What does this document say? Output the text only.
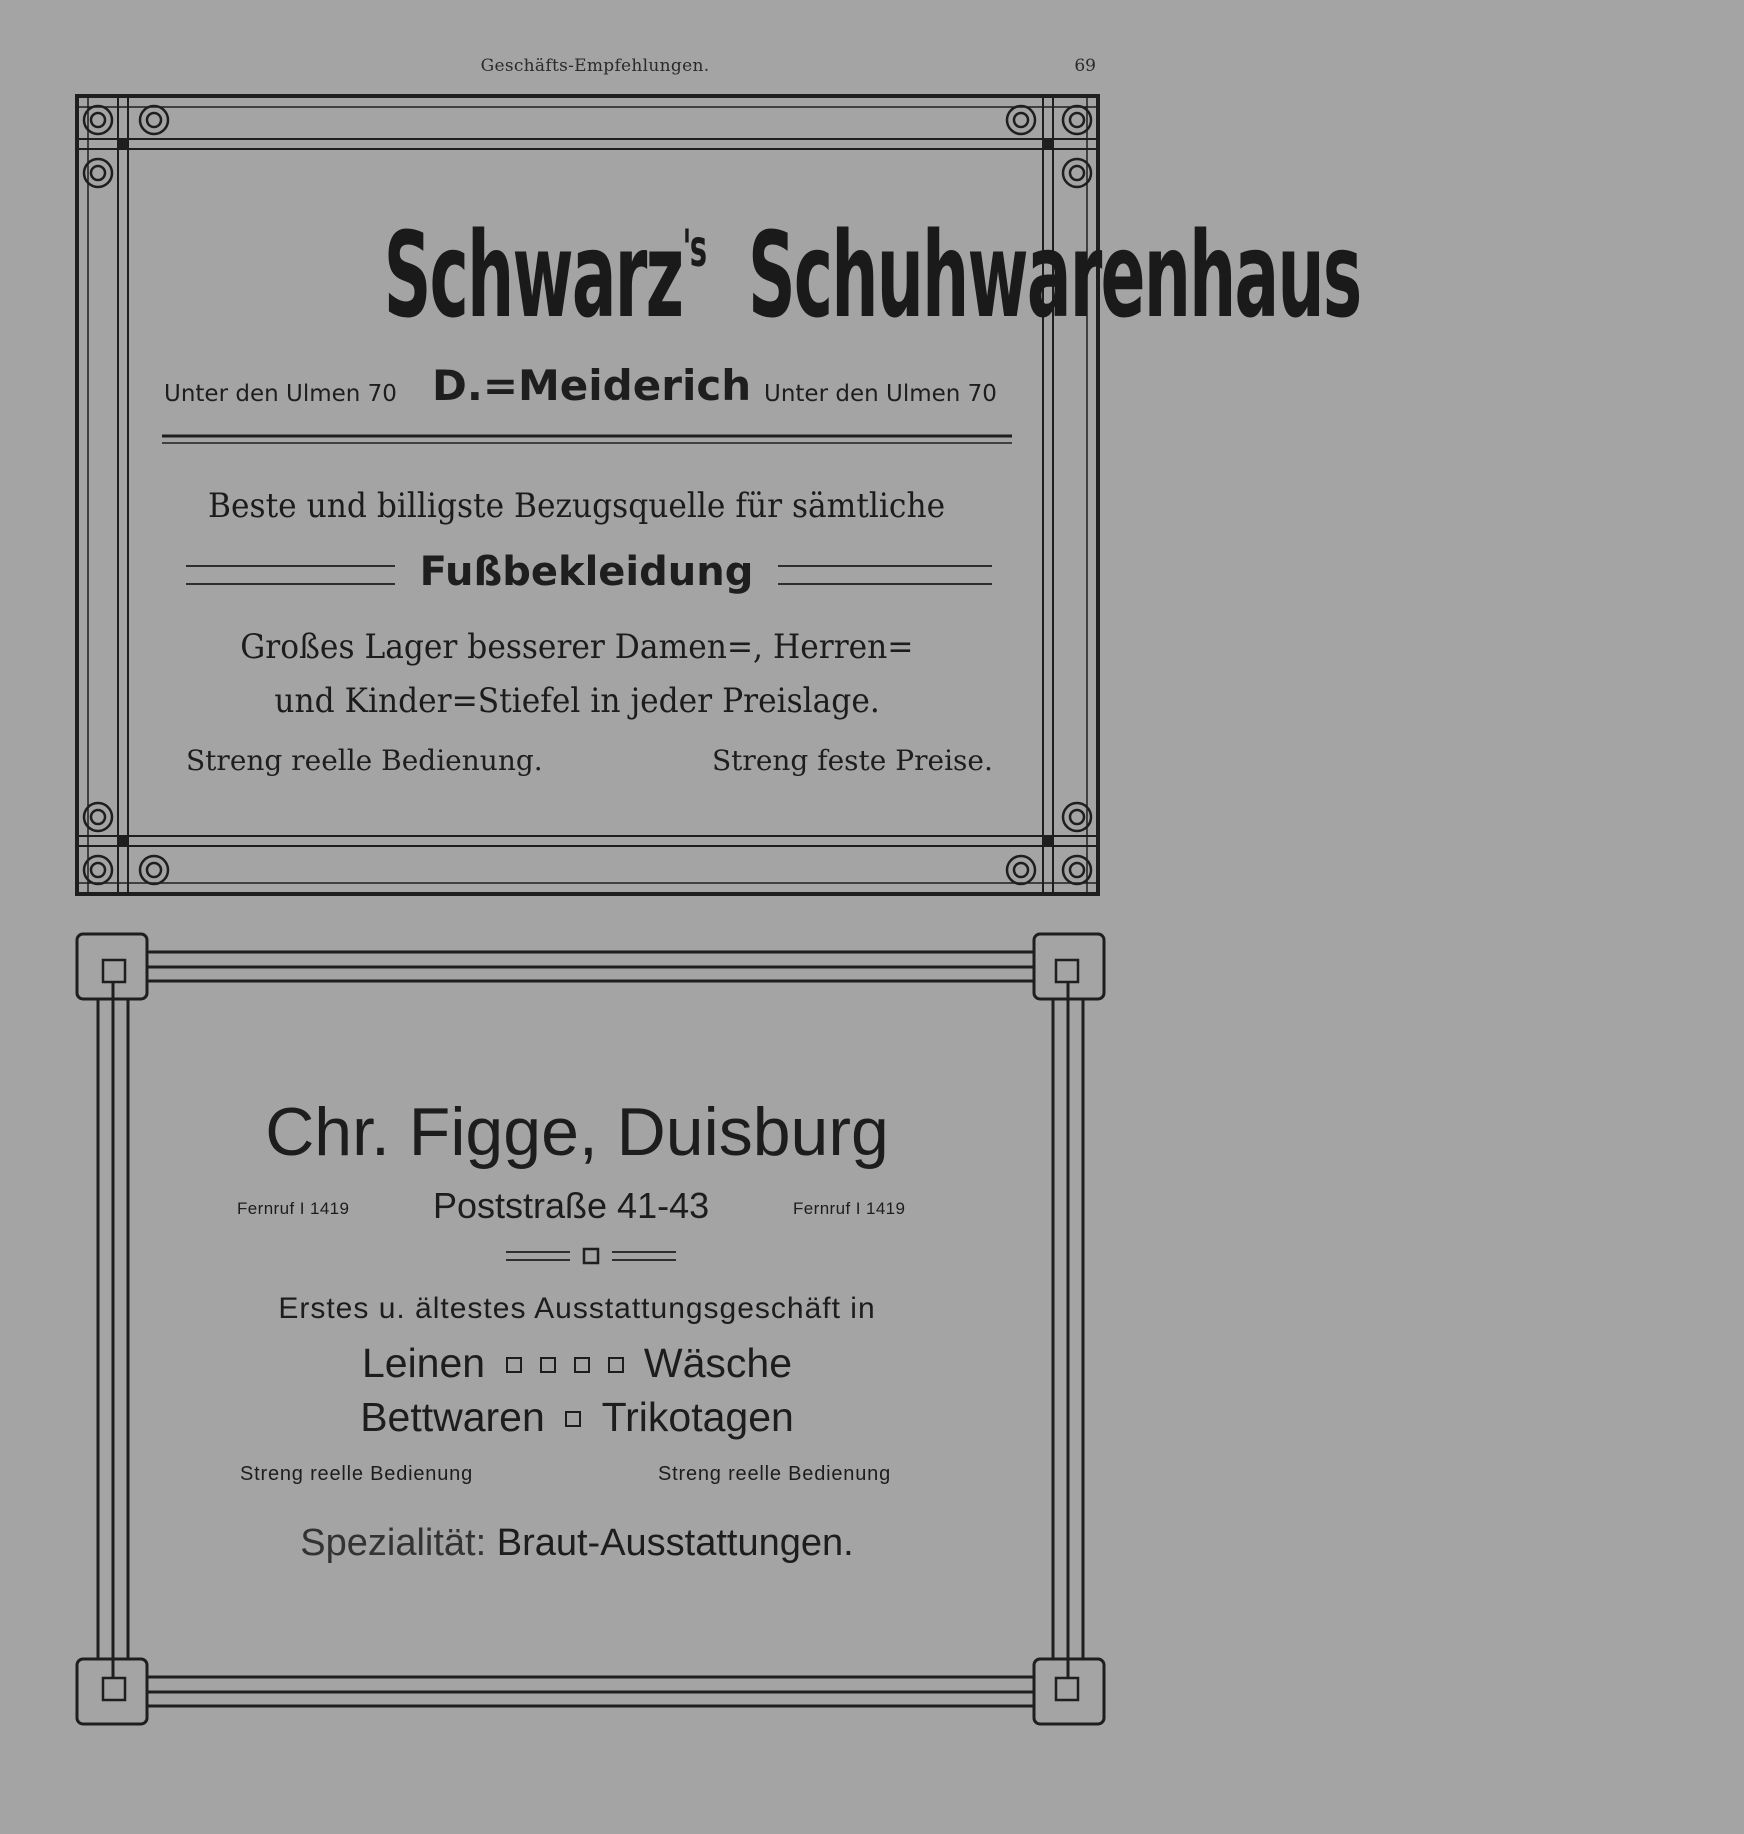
Geschäfts-Empfehlungen.	69
Schwarz$^{'s}$ Schuhwarenhaus
Unter den Ulmen 70 D.=Meiderich Unter den Ulmen 70
Beste und billigste Bezugsquelle für sämtliche
Fußbekleidung
Großes Lager besserer Damen=, Herren=
und Kinder=Stiefel in jeder Preislage.
Streng reelle Bedienung.	Streng feste Preise.
Chr. Figge, Duisburg
Fernruf I 1419 Poststraße 41-43	Fernruf I 1419
Erstes u. ältestes Ausstattungsgeschäft in
Leinen	Wäsche
Bettwaren Trikotagen
Streng reelle Bedienung	Streng reelle Bedienung
Spezialität: Braut-Ausstattungen.
